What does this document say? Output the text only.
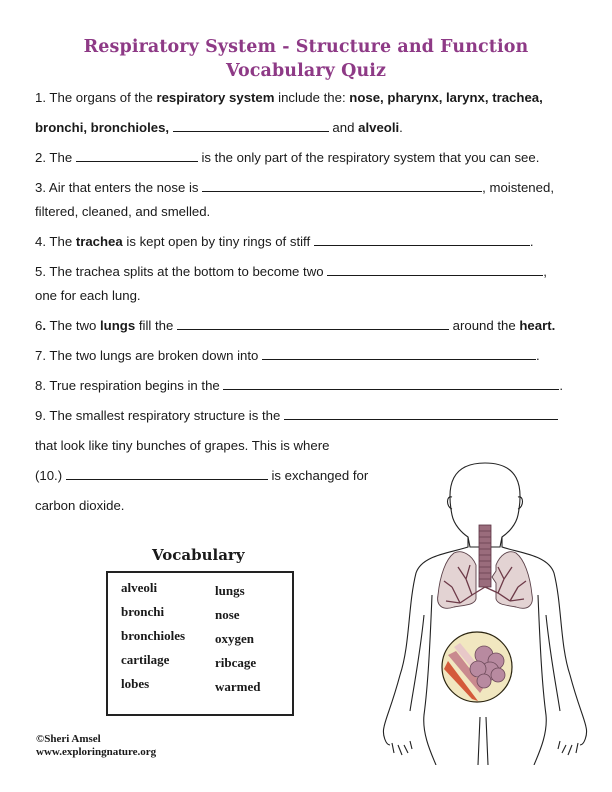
Respiratory System - Structure and Function
Vocabulary Quiz
1. The organs of the respiratory system include the: nose, pharynx, larynx, trachea,
bronchi, bronchioles,	and alveoli.
2. The	is the only part of the respiratory system that you can see.
3. Air that enters the nose is	, moistened,
filtered, cleaned, and smelled.
4. The trachea is kept open by tiny rings of stiff	.
5. The trachea splits at the bottom to become two	,
one for each lung.
6. The two lungs fill the	around the heart.
7. The two lungs are broken down into	.
8. True respiration begins in the	.
9. The smallest respiratory structure is the
that look like tiny bunches of grapes. This is where
(10.)	is exchanged for
carbon dioxide.
Vocabulary
alveoli
bronchi
bronchioles
cartilage
lobes
lungs
nose
oxygen
ribcage
warmed
©Sheri Amsel
www.exploringnature.org
